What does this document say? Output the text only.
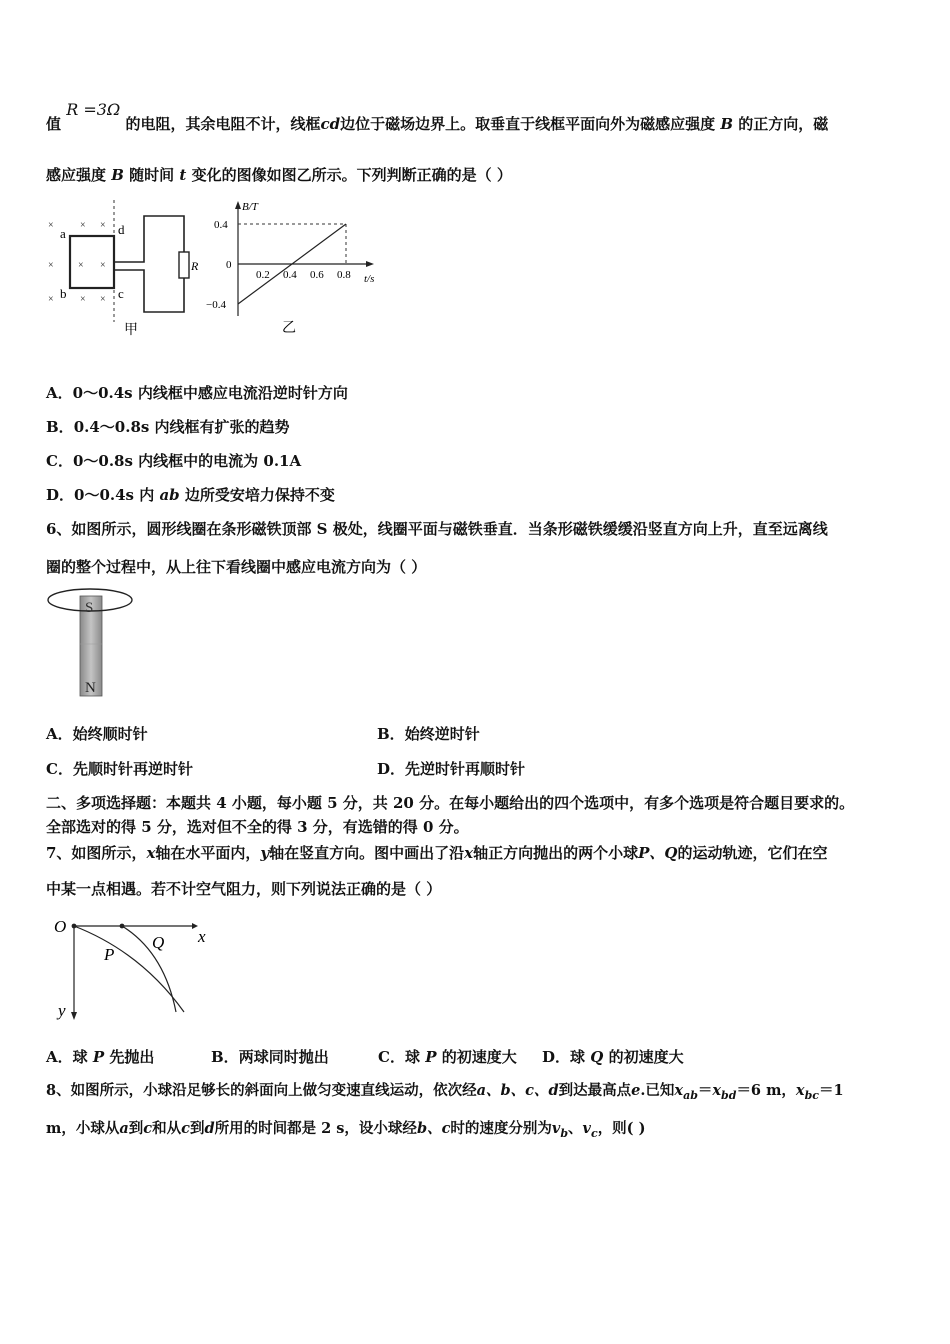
值 R =3Ω 的电阻，其余电阻不计，线框cd边位于磁场边界上。取垂直于线框平面向外为磁感应强度 B 的正方向，磁
感应强度 B 随时间 t 变化的图像如图乙所示。下列判断正确的是（ ）
×	× ×
× × ×
×	× ×
a
b	c
d
R
甲
B/T
t/s
0
0.2 0.4 0.6 0.8
0.4
−0.4
乙
A．0～0.4s 内线框中感应电流沿逆时针方向
B．0.4～0.8s 内线框有扩张的趋势
C．0～0.8s 内线框中的电流为 0.1A
D．0～0.4s 内 ab 边所受安培力保持不变
6、如图所示，圆形线圈在条形磁铁顶部 S 极处，线圈平面与磁铁垂直．当条形磁铁缓缓沿竖直方向上升，直至远离线
圈的整个过程中，从上往下看线圈中感应电流方向为（ ）
S
N
A．始终顺时针	B．始终逆时针
C．先顺时针再逆时针	D．先逆时针再顺时针
二、多项选择题：本题共 4 小题，每小题 5 分，共 20 分。在每小题给出的四个选项中，有多个选项是符合题目要求的。
全部选对的得 5 分，选对但不全的得 3 分，有选错的得 0 分。
7、如图所示，x轴在水平面内，y轴在竖直方向。图中画出了沿x轴正方向抛出的两个小球P、Q的运动轨迹，它们在空
中某一点相遇。若不计空气阻力，则下列说法正确的是（ ）
O
x
y
P
Q
A．球 P 先抛出	B．两球同时抛出	C．球 P 的初速度大 D．球 Q 的初速度大
8、如图所示，小球沿足够长的斜面向上做匀变速直线运动，依次经a、b、c、d到达最高点e.已知$x_{ab}=x_{bd}=6$ m，$x_{bc}=1$
m，小球从a到c和从c到d所用的时间都是 2 s，设小球经b、c时的速度分别为$v_b$、$v_c$，则( )
